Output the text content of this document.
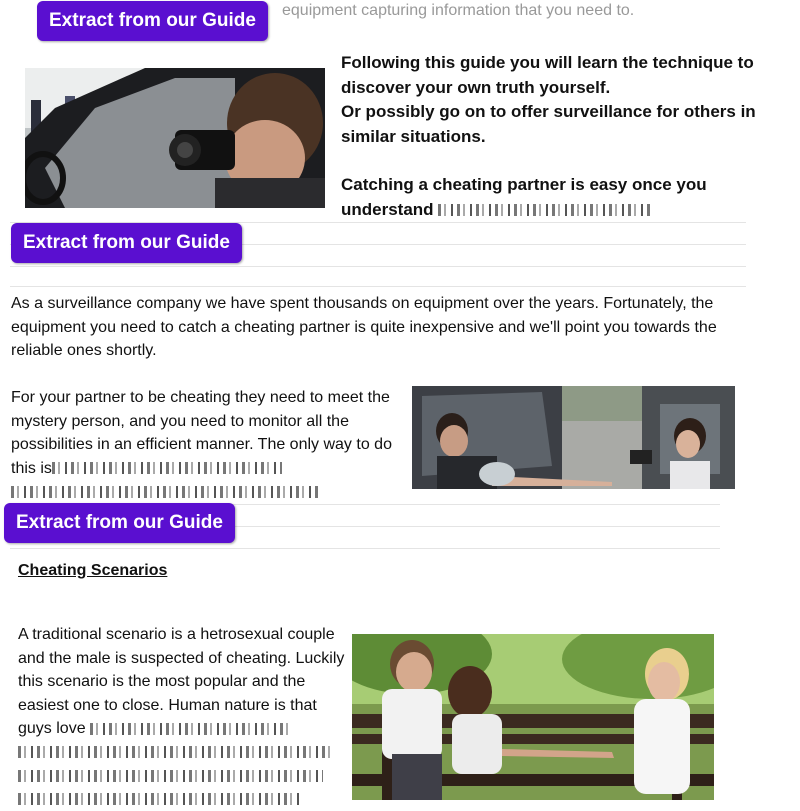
equipment capturing information that you need to.
Extract from our Guide
Following this guide you will learn the technique to discover your own truth yourself.
Or possibly go on to offer surveillance for others in similar situations.
Catching a cheating partner is easy once you understand
Extract from our Guide
As a surveillance company we have spent thousands on equipment over the years. Fortunately, the equipment you need to catch a cheating partner is quite inexpensive and we'll point you towards the reliable ones shortly.
For your partner to be cheating they need to meet the mystery person, and you need to monitor all the possibilities in an efficient manner. The only way to do this is
Extract from our Guide
Cheating Scenarios
A traditional scenario is a hetrosexual couple and the male is suspected of cheating. Luckily this scenario is the most popular and the easiest one to close. Human nature is that guys love
